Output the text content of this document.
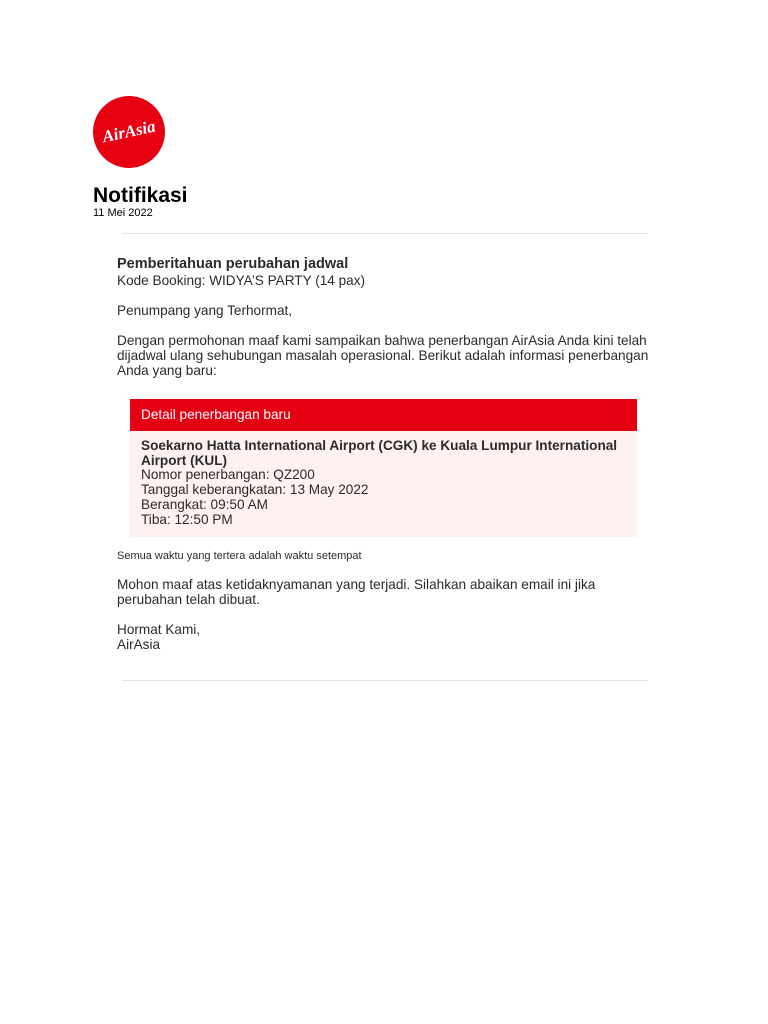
AirAsia
Notifikasi
11 Mei 2022
Pemberitahuan perubahan jadwal
Kode Booking: WIDYA’S PARTY (14 pax)
Penumpang yang Terhormat,
Dengan permohonan maaf kami sampaikan bahwa penerbangan AirAsia Anda kini telah dijadwal ulang sehubungan masalah operasional. Berikut adalah informasi penerbangan Anda yang baru:
Detail penerbangan baru
Soekarno Hatta International Airport (CGK) ke Kuala Lumpur International Airport (KUL)
Nomor penerbangan: QZ200
Tanggal keberangkatan: 13 May 2022
Berangkat: 09:50 AM
Tiba: 12:50 PM
Semua waktu yang tertera adalah waktu setempat
Mohon maaf atas ketidaknyamanan yang terjadi. Silahkan abaikan email ini jika perubahan telah dibuat.
Hormat Kami,
AirAsia
